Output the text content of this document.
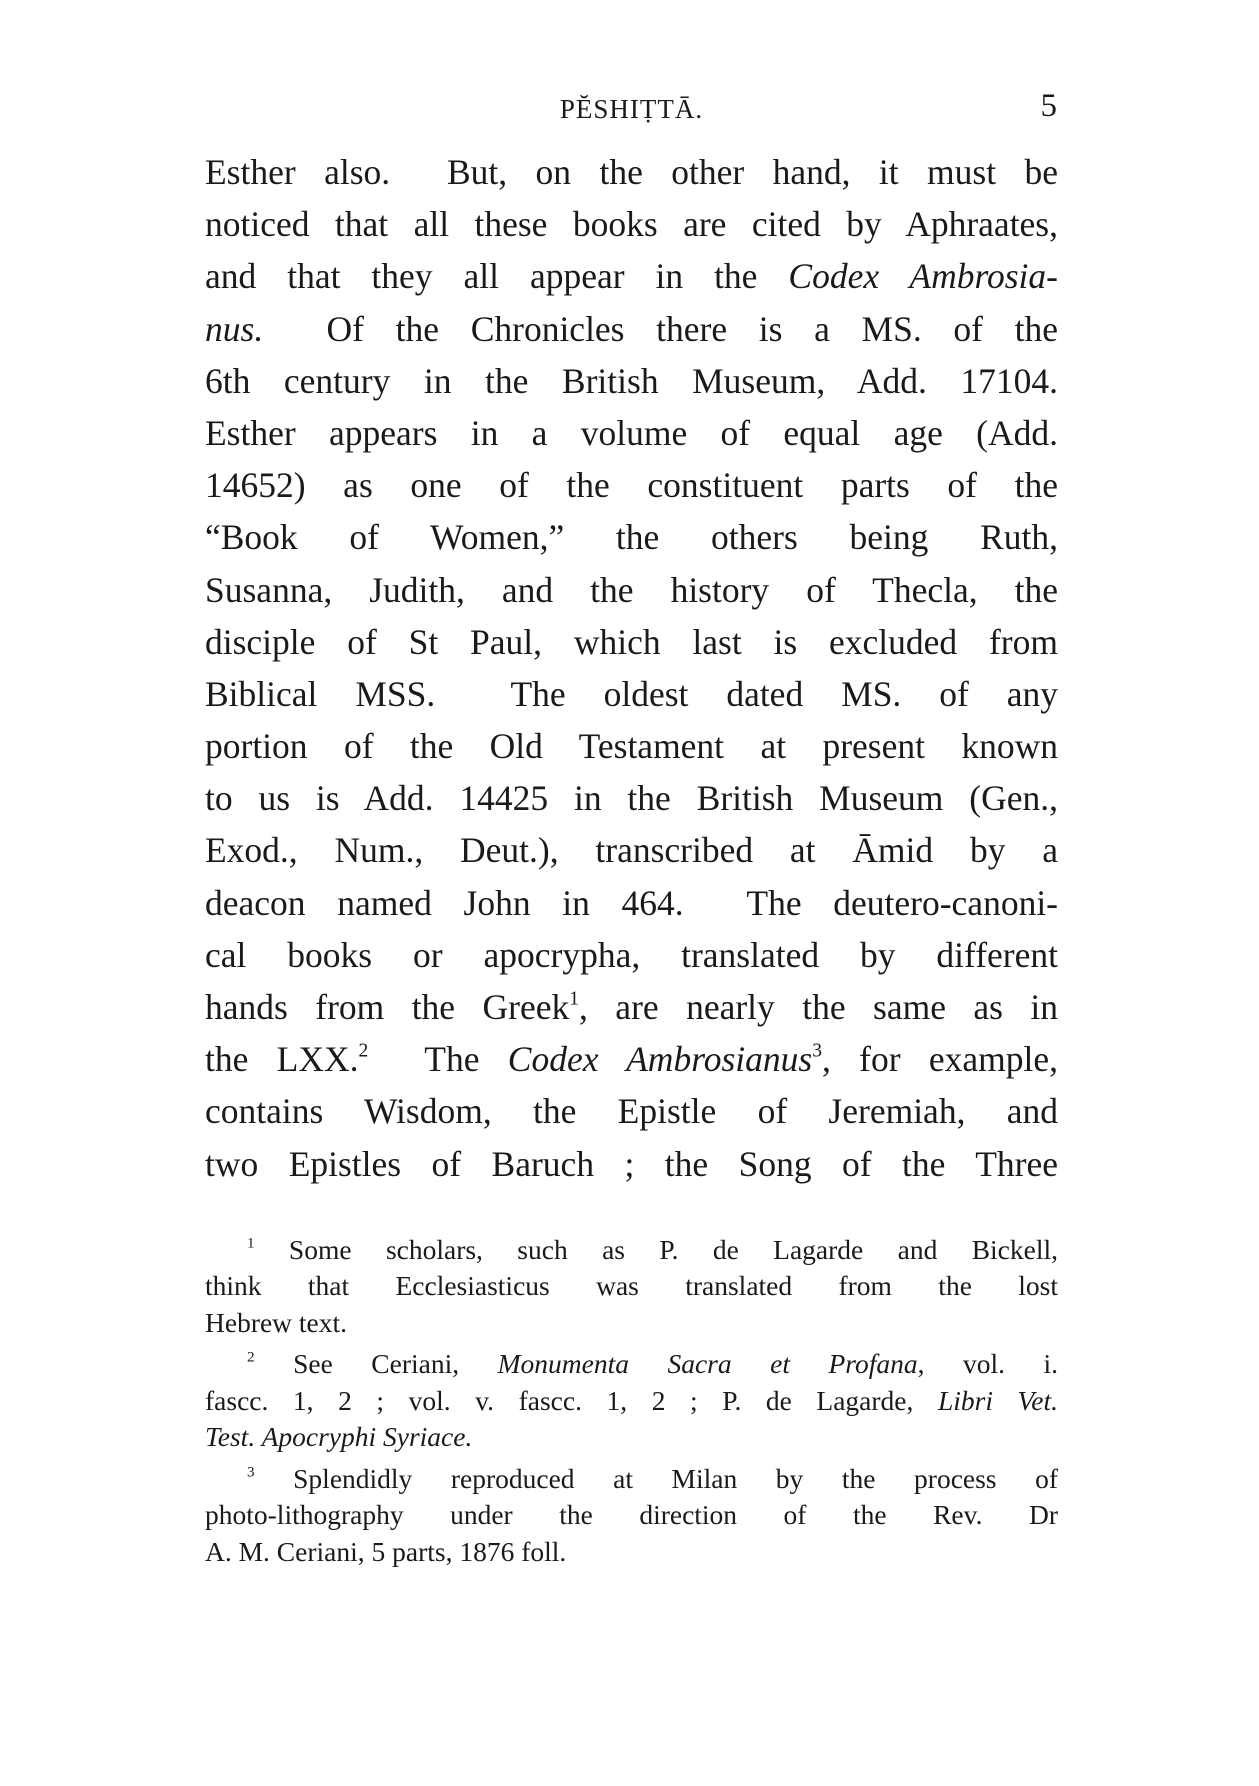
PĔSHIṬTĀ.	5
Esther also.  But, on the other hand, it must be
noticed that all these books are cited by Aphraates,
and that they all appear in the Codex Ambrosia-
nus.  Of the Chronicles there is a MS. of the
6th century in the British Museum, Add. 17104.
Esther appears in a volume of equal age (Add.
14652) as one of the constituent parts of the
“Book of Women,” the others being Ruth,
Susanna, Judith, and the history of Thecla, the
disciple of St Paul, which last is excluded from
Biblical MSS.  The oldest dated MS. of any
portion of the Old Testament at present known
to us is Add. 14425 in the British Museum (Gen.,
Exod., Num., Deut.), transcribed at Āmid by a
deacon named John in 464.  The deutero-canoni-
cal books or apocrypha, translated by different
hands from the Greek$^1$, are nearly the same as in
the LXX.$^2$  The Codex Ambrosianus$^3$, for example,
contains Wisdom, the Epistle of Jeremiah, and
two Epistles of Baruch ; the Song of the Three
$^1$ Some scholars, such as P. de Lagarde and Bickell,
think that Ecclesiasticus was translated from the lost
Hebrew text.
$^2$ See Ceriani, Monumenta Sacra et Profana, vol. i.
fascc. 1, 2 ; vol. v. fascc. 1, 2 ; P. de Lagarde, Libri Vet.
Test. Apocryphi Syriace.
$^3$ Splendidly reproduced at Milan by the process of
photo-lithography under the direction of the Rev. Dr
A. M. Ceriani, 5 parts, 1876 foll.
